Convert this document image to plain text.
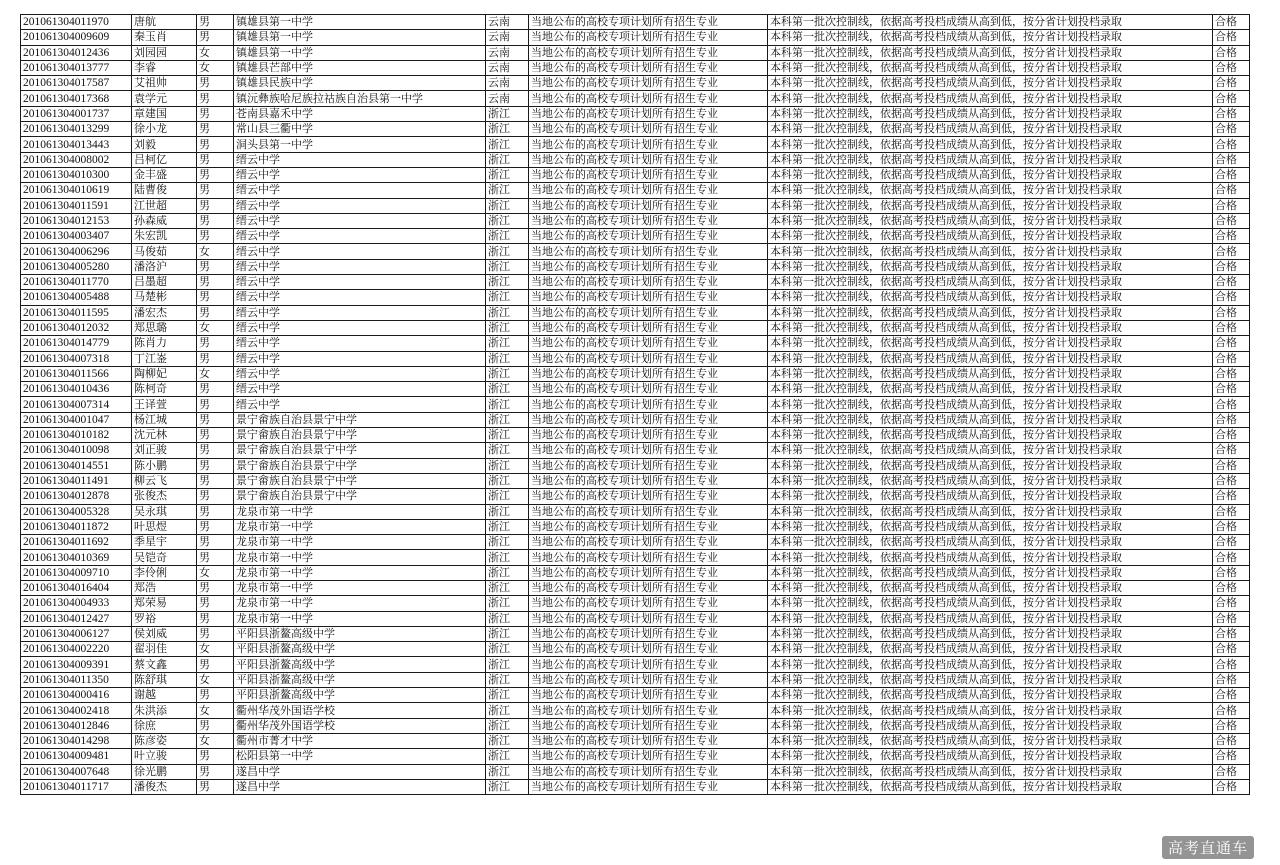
201061304011970	唐航	男	镇雄县第一中学	云南	当地公布的高校专项计划所有招生专业	本科第一批次控制线，依据高考投档成绩从高到低，按分省计划投档录取	合格
201061304009609	秦玉肖	男	镇雄县第一中学	云南	当地公布的高校专项计划所有招生专业	本科第一批次控制线，依据高考投档成绩从高到低，按分省计划投档录取	合格
201061304012436	刘园园	女	镇雄县第一中学	云南	当地公布的高校专项计划所有招生专业	本科第一批次控制线，依据高考投档成绩从高到低，按分省计划投档录取	合格
201061304013777	李睿	女	镇雄县芒部中学	云南	当地公布的高校专项计划所有招生专业	本科第一批次控制线，依据高考投档成绩从高到低，按分省计划投档录取	合格
201061304017587	艾祖帅	男	镇雄县民族中学	云南	当地公布的高校专项计划所有招生专业	本科第一批次控制线，依据高考投档成绩从高到低，按分省计划投档录取	合格
201061304017368	袁学元	男	镇沅彝族哈尼族拉祜族自治县第一中学	云南	当地公布的高校专项计划所有招生专业	本科第一批次控制线，依据高考投档成绩从高到低，按分省计划投档录取	合格
201061304001737	章建国	男	苍南县嘉禾中学	浙江	当地公布的高校专项计划所有招生专业	本科第一批次控制线，依据高考投档成绩从高到低，按分省计划投档录取	合格
201061304013299	徐小龙	男	常山县三衢中学	浙江	当地公布的高校专项计划所有招生专业	本科第一批次控制线，依据高考投档成绩从高到低，按分省计划投档录取	合格
201061304013443	刘毅	男	洞头县第一中学	浙江	当地公布的高校专项计划所有招生专业	本科第一批次控制线，依据高考投档成绩从高到低，按分省计划投档录取	合格
201061304008002	吕柯亿	男	缙云中学	浙江	当地公布的高校专项计划所有招生专业	本科第一批次控制线，依据高考投档成绩从高到低，按分省计划投档录取	合格
201061304010300	金丰盛	男	缙云中学	浙江	当地公布的高校专项计划所有招生专业	本科第一批次控制线，依据高考投档成绩从高到低，按分省计划投档录取	合格
201061304010619	陆曹俊	男	缙云中学	浙江	当地公布的高校专项计划所有招生专业	本科第一批次控制线，依据高考投档成绩从高到低，按分省计划投档录取	合格
201061304011591	江世超	男	缙云中学	浙江	当地公布的高校专项计划所有招生专业	本科第一批次控制线，依据高考投档成绩从高到低，按分省计划投档录取	合格
201061304012153	孙森威	男	缙云中学	浙江	当地公布的高校专项计划所有招生专业	本科第一批次控制线，依据高考投档成绩从高到低，按分省计划投档录取	合格
201061304003407	朱宏凯	男	缙云中学	浙江	当地公布的高校专项计划所有招生专业	本科第一批次控制线，依据高考投档成绩从高到低，按分省计划投档录取	合格
201061304006296	马俊茹	女	缙云中学	浙江	当地公布的高校专项计划所有招生专业	本科第一批次控制线，依据高考投档成绩从高到低，按分省计划投档录取	合格
201061304005280	潘洛沪	男	缙云中学	浙江	当地公布的高校专项计划所有招生专业	本科第一批次控制线，依据高考投档成绩从高到低，按分省计划投档录取	合格
201061304011770	吕墨超	男	缙云中学	浙江	当地公布的高校专项计划所有招生专业	本科第一批次控制线，依据高考投档成绩从高到低，按分省计划投档录取	合格
201061304005488	马楚彬	男	缙云中学	浙江	当地公布的高校专项计划所有招生专业	本科第一批次控制线，依据高考投档成绩从高到低，按分省计划投档录取	合格
201061304011595	潘宏杰	男	缙云中学	浙江	当地公布的高校专项计划所有招生专业	本科第一批次控制线，依据高考投档成绩从高到低，按分省计划投档录取	合格
201061304012032	郑思璐	女	缙云中学	浙江	当地公布的高校专项计划所有招生专业	本科第一批次控制线，依据高考投档成绩从高到低，按分省计划投档录取	合格
201061304014779	陈肖力	男	缙云中学	浙江	当地公布的高校专项计划所有招生专业	本科第一批次控制线，依据高考投档成绩从高到低，按分省计划投档录取	合格
201061304007318	丁江崟	男	缙云中学	浙江	当地公布的高校专项计划所有招生专业	本科第一批次控制线，依据高考投档成绩从高到低，按分省计划投档录取	合格
201061304011566	陶柳妃	女	缙云中学	浙江	当地公布的高校专项计划所有招生专业	本科第一批次控制线，依据高考投档成绩从高到低，按分省计划投档录取	合格
201061304010436	陈柯奇	男	缙云中学	浙江	当地公布的高校专项计划所有招生专业	本科第一批次控制线，依据高考投档成绩从高到低，按分省计划投档录取	合格
201061304007314	王译萱	男	缙云中学	浙江	当地公布的高校专项计划所有招生专业	本科第一批次控制线，依据高考投档成绩从高到低，按分省计划投档录取	合格
201061304001047	杨江城	男	景宁畲族自治县景宁中学	浙江	当地公布的高校专项计划所有招生专业	本科第一批次控制线，依据高考投档成绩从高到低，按分省计划投档录取	合格
201061304010182	沈元林	男	景宁畲族自治县景宁中学	浙江	当地公布的高校专项计划所有招生专业	本科第一批次控制线，依据高考投档成绩从高到低，按分省计划投档录取	合格
201061304010098	刘正骏	男	景宁畲族自治县景宁中学	浙江	当地公布的高校专项计划所有招生专业	本科第一批次控制线，依据高考投档成绩从高到低，按分省计划投档录取	合格
201061304014551	陈小鹏	男	景宁畲族自治县景宁中学	浙江	当地公布的高校专项计划所有招生专业	本科第一批次控制线，依据高考投档成绩从高到低，按分省计划投档录取	合格
201061304011491	柳云飞	男	景宁畲族自治县景宁中学	浙江	当地公布的高校专项计划所有招生专业	本科第一批次控制线，依据高考投档成绩从高到低，按分省计划投档录取	合格
201061304012878	张俊杰	男	景宁畲族自治县景宁中学	浙江	当地公布的高校专项计划所有招生专业	本科第一批次控制线，依据高考投档成绩从高到低，按分省计划投档录取	合格
201061304005328	吴永琪	男	龙泉市第一中学	浙江	当地公布的高校专项计划所有招生专业	本科第一批次控制线，依据高考投档成绩从高到低，按分省计划投档录取	合格
201061304011872	叶思煜	男	龙泉市第一中学	浙江	当地公布的高校专项计划所有招生专业	本科第一批次控制线，依据高考投档成绩从高到低，按分省计划投档录取	合格
201061304011692	季星宇	男	龙泉市第一中学	浙江	当地公布的高校专项计划所有招生专业	本科第一批次控制线，依据高考投档成绩从高到低，按分省计划投档录取	合格
201061304010369	吴铠奇	男	龙泉市第一中学	浙江	当地公布的高校专项计划所有招生专业	本科第一批次控制线，依据高考投档成绩从高到低，按分省计划投档录取	合格
201061304009710	李伶俐	女	龙泉市第一中学	浙江	当地公布的高校专项计划所有招生专业	本科第一批次控制线，依据高考投档成绩从高到低，按分省计划投档录取	合格
201061304016404	郑浩	男	龙泉市第一中学	浙江	当地公布的高校专项计划所有招生专业	本科第一批次控制线，依据高考投档成绩从高到低，按分省计划投档录取	合格
201061304004933	郑荣易	男	龙泉市第一中学	浙江	当地公布的高校专项计划所有招生专业	本科第一批次控制线，依据高考投档成绩从高到低，按分省计划投档录取	合格
201061304012427	罗裕	男	龙泉市第一中学	浙江	当地公布的高校专项计划所有招生专业	本科第一批次控制线，依据高考投档成绩从高到低，按分省计划投档录取	合格
201061304006127	侯刘威	男	平阳县浙鳌高级中学	浙江	当地公布的高校专项计划所有招生专业	本科第一批次控制线，依据高考投档成绩从高到低，按分省计划投档录取	合格
201061304002220	翟羽佳	女	平阳县浙鳌高级中学	浙江	当地公布的高校专项计划所有招生专业	本科第一批次控制线，依据高考投档成绩从高到低，按分省计划投档录取	合格
201061304009391	蔡文鑫	男	平阳县浙鳌高级中学	浙江	当地公布的高校专项计划所有招生专业	本科第一批次控制线，依据高考投档成绩从高到低，按分省计划投档录取	合格
201061304011350	陈舒琪	女	平阳县浙鳌高级中学	浙江	当地公布的高校专项计划所有招生专业	本科第一批次控制线，依据高考投档成绩从高到低，按分省计划投档录取	合格
201061304000416	谢越	男	平阳县浙鳌高级中学	浙江	当地公布的高校专项计划所有招生专业	本科第一批次控制线，依据高考投档成绩从高到低，按分省计划投档录取	合格
201061304002418	朱洪添	女	衢州华茂外国语学校	浙江	当地公布的高校专项计划所有招生专业	本科第一批次控制线，依据高考投档成绩从高到低，按分省计划投档录取	合格
201061304012846	徐庶	男	衢州华茂外国语学校	浙江	当地公布的高校专项计划所有招生专业	本科第一批次控制线，依据高考投档成绩从高到低，按分省计划投档录取	合格
201061304014298	陈彦姿	女	衢州市菁才中学	浙江	当地公布的高校专项计划所有招生专业	本科第一批次控制线，依据高考投档成绩从高到低，按分省计划投档录取	合格
201061304009481	叶立骏	男	松阳县第一中学	浙江	当地公布的高校专项计划所有招生专业	本科第一批次控制线，依据高考投档成绩从高到低，按分省计划投档录取	合格
201061304007648	徐光鹏	男	遂昌中学	浙江	当地公布的高校专项计划所有招生专业	本科第一批次控制线，依据高考投档成绩从高到低，按分省计划投档录取	合格
201061304011717	潘俊杰	男	遂昌中学	浙江	当地公布的高校专项计划所有招生专业	本科第一批次控制线，依据高考投档成绩从高到低，按分省计划投档录取	合格
高考直通车
